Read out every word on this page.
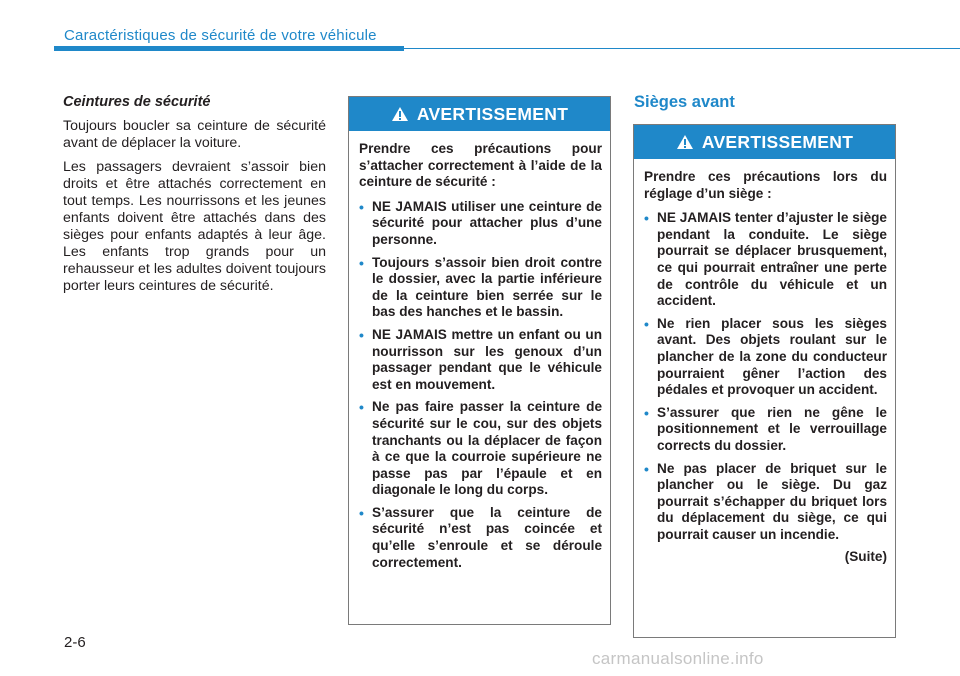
Caractéristiques de sécurité de votre véhicule
Ceintures de sécurité

Toujours boucler sa ceinture de sécurité avant de déplacer la voiture.

Les passagers devraient s’assoir bien droits et être attachés correctement en tout temps. Les nourrissons et les jeunes enfants doivent être attachés dans des sièges pour enfants adaptés à leur âge. Les enfants trop grands pour un rehausseur et les adultes doivent toujours porter leurs ceintures de sécurité.

AVERTISSEMENT

Prendre ces précautions pour s’attacher correctement à l’aide de la ceinture de sécurité :

• NE JAMAIS utiliser une ceinture de sécurité pour attacher plus d’une personne.
• Toujours s’assoir bien droit contre le dossier, avec la partie inférieure de la ceinture bien serrée sur le bas des hanches et le bassin.
• NE JAMAIS mettre un enfant ou un nourrisson sur les genoux d’un passager pendant que le véhicule est en mouvement.
• Ne pas faire passer la ceinture de sécurité sur le cou, sur des objets tranchants ou la déplacer de façon à ce que la courroie supérieure ne passe pas par l’épaule et en diagonale le long du corps.
• S’assurer que la ceinture de sécurité n’est pas coincée et qu’elle s’enroule et se déroule correctement.
Sièges avant
AVERTISSEMENT

Prendre ces précautions lors du réglage d’un siège :

• NE JAMAIS tenter d’ajuster le siège pendant la conduite. Le siège pourrait se déplacer brusquement, ce qui pourrait entraîner une perte de contrôle du véhicule et un accident.
• Ne rien placer sous les sièges avant. Des objets roulant sur le plancher de la zone du conducteur pourraient gêner l’action des pédales et provoquer un accident.
• S’assurer que rien ne gêne le positionnement et le verrouillage corrects du dossier.
• Ne pas placer de briquet sur le plancher ou le siège. Du gaz pourrait s’échapper du briquet lors du déplacement du siège, ce qui pourrait causer un incendie.
(Suite)
2-6
carmanualsonline.info
